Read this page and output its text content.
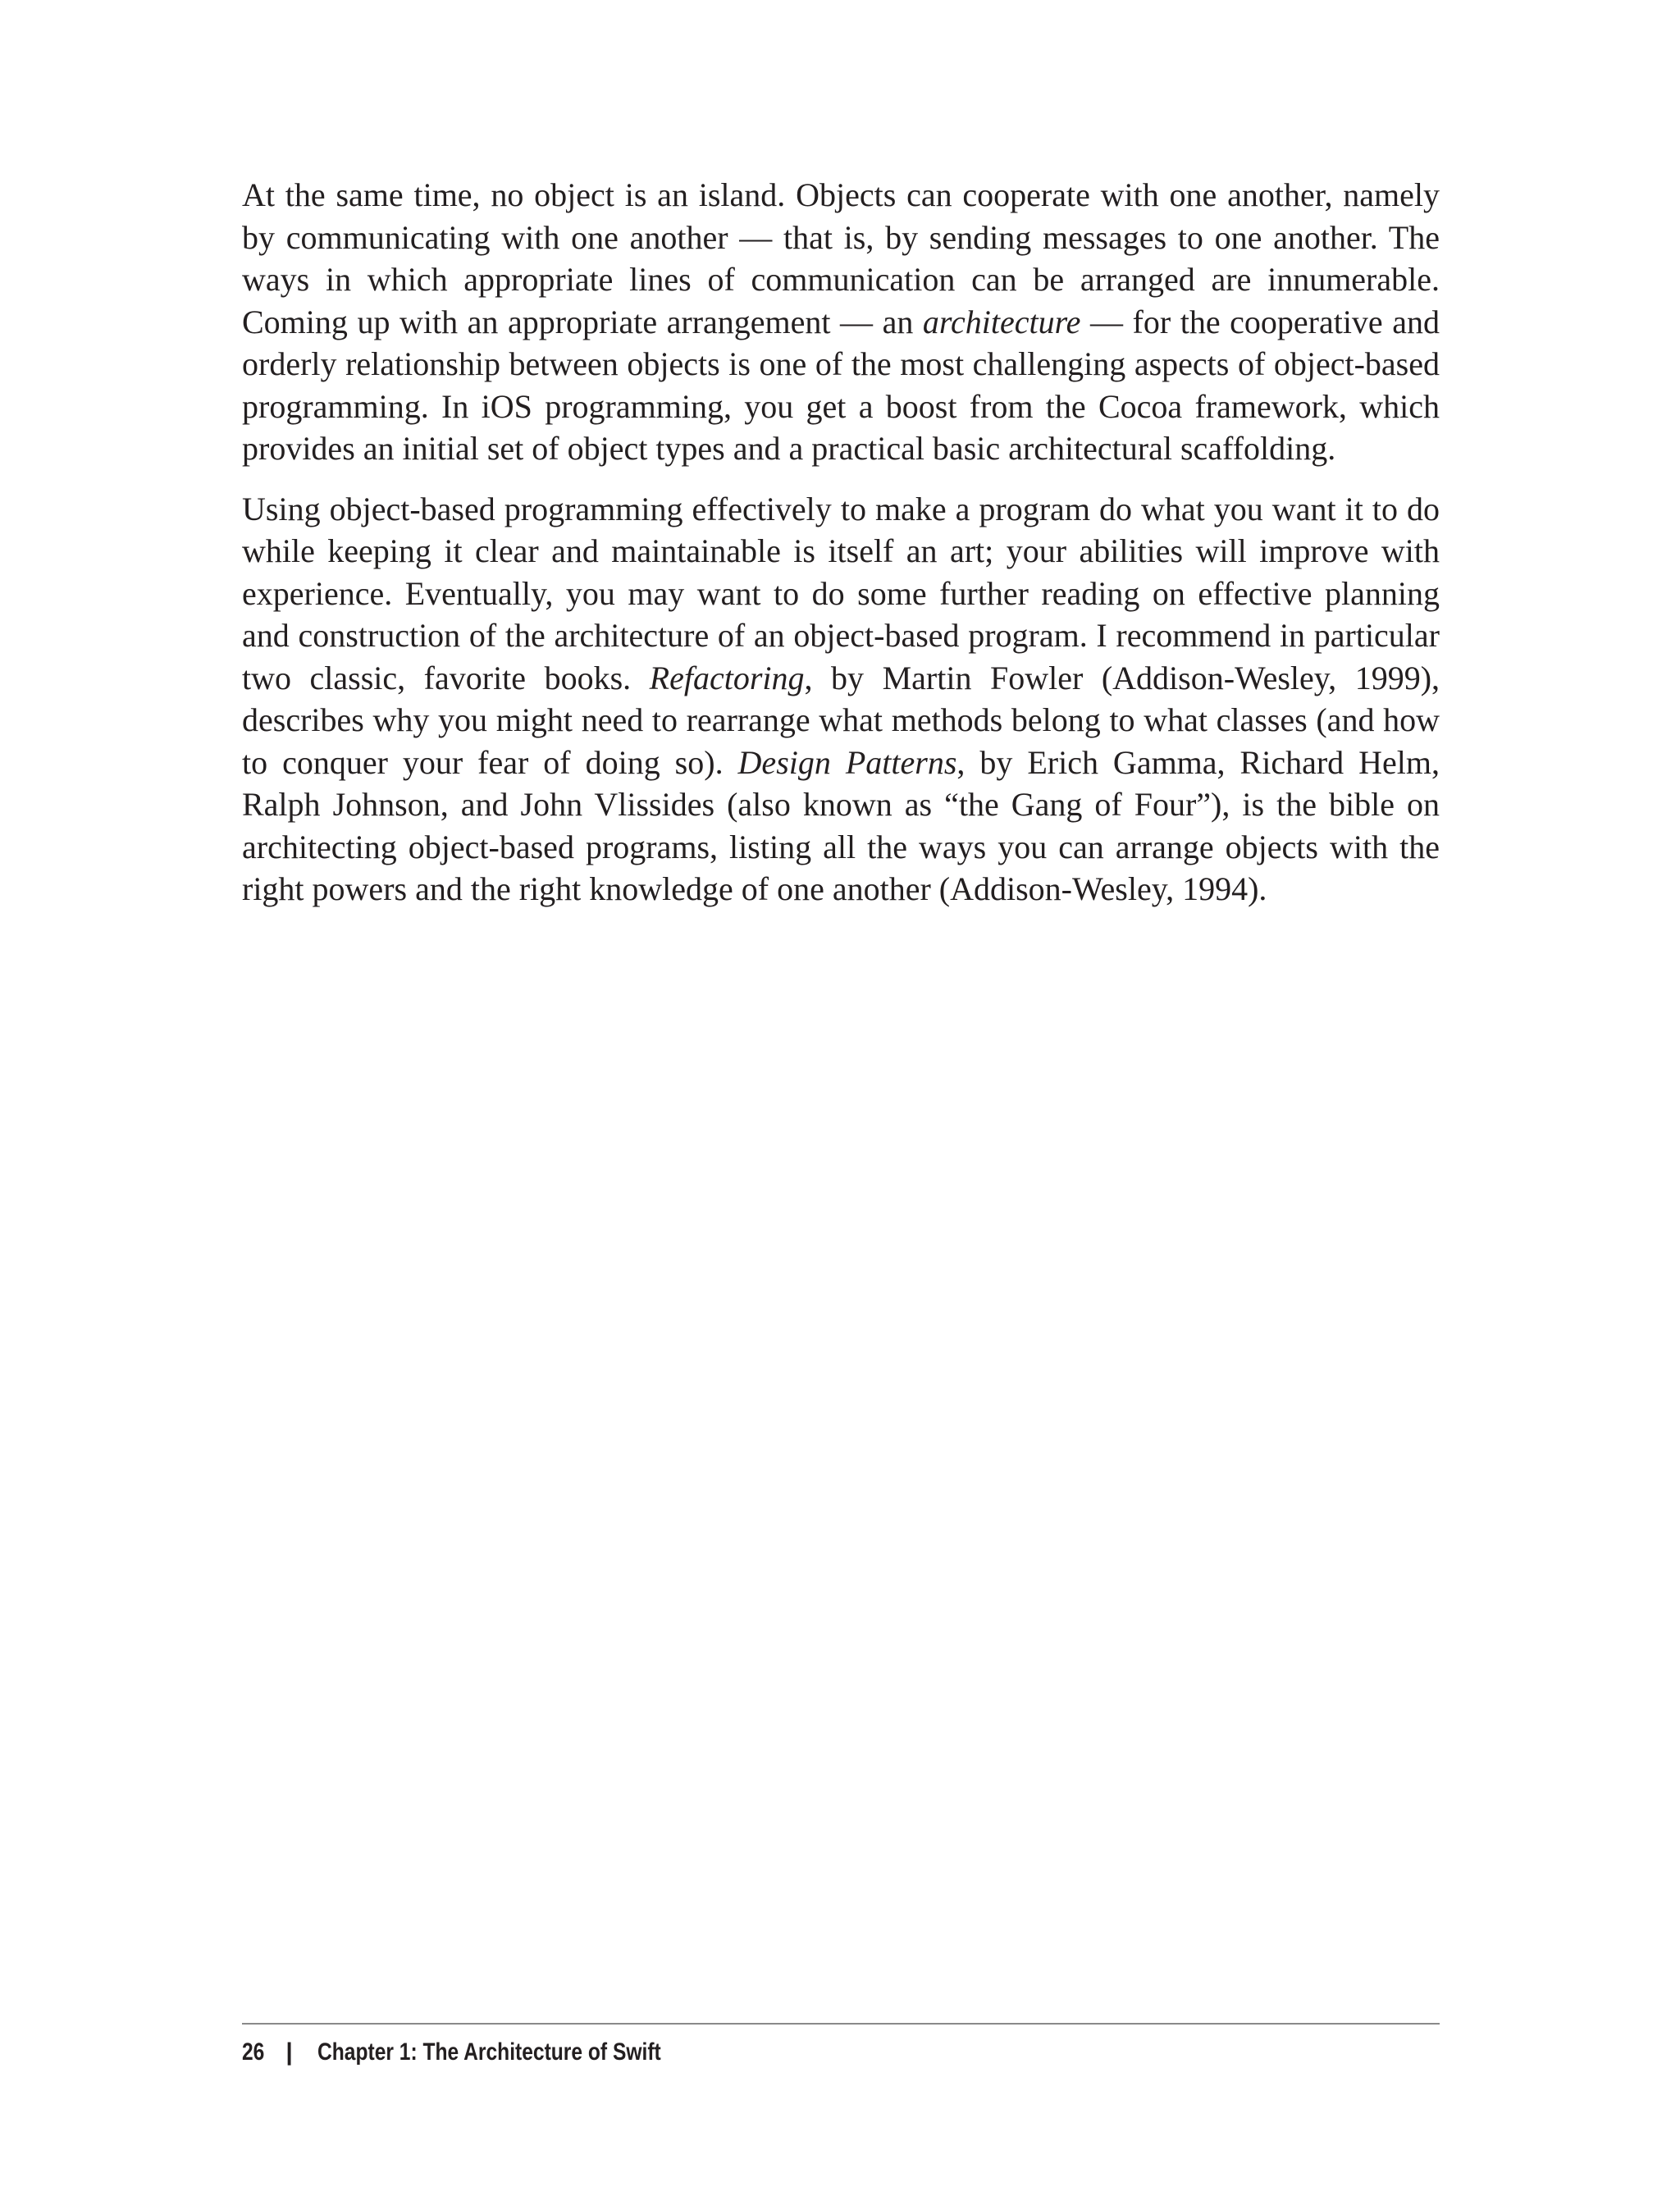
At the same time, no object is an island. Objects can cooperate with one another, namely by communicating with one another — that is, by sending messages to one another. The ways in which appropriate lines of communication can be arranged are innumerable. Coming up with an appropriate arrangement — an architecture — for the cooperative and orderly relationship between objects is one of the most challenging aspects of object-based programming. In iOS programming, you get a boost from the Cocoa framework, which provides an initial set of object types and a practical basic architectural scaffolding.

Using object-based programming effectively to make a program do what you want it to do while keeping it clear and maintainable is itself an art; your abilities will improve with experience. Eventually, you may want to do some further reading on effective planning and construction of the architecture of an object-based program. I recommend in particular two classic, favorite books. Refactoring, by Martin Fowler (Addison-Wesley, 1999), describes why you might need to rearrange what methods belong to what classes (and how to conquer your fear of doing so). Design Patterns, by Erich Gamma, Richard Helm, Ralph Johnson, and John Vlissides (also known as “the Gang of Four”), is the bible on architecting object-based programs, listing all the ways you can arrange objects with the right powers and the right knowledge of one another (Addison-Wesley, 1994).

26 | Chapter 1: The Architecture of Swift
